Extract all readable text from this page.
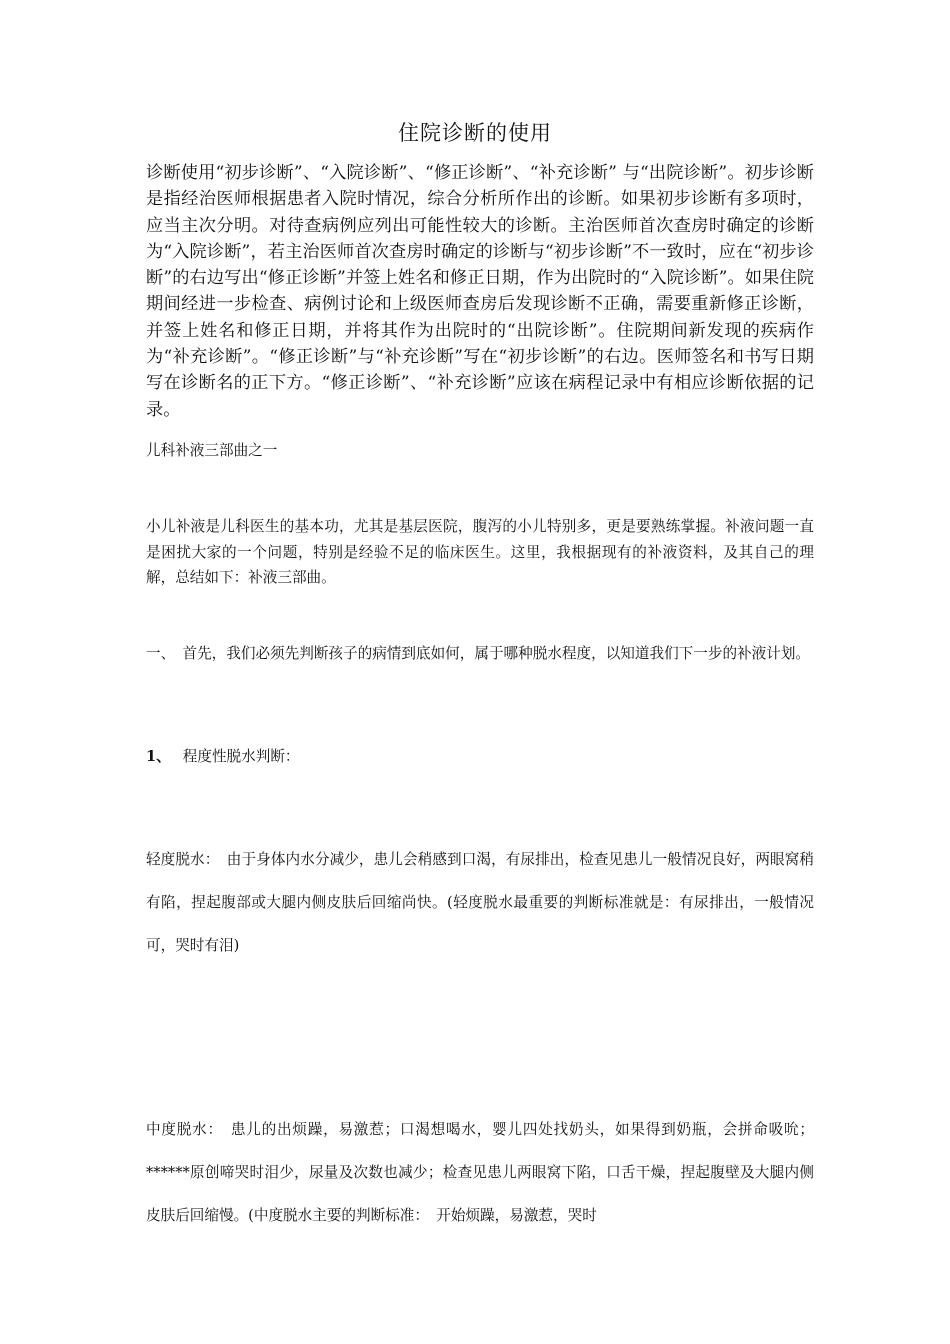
住院诊断的使用
诊断使用“初步诊断”、“入院诊断”、“修正诊断”、“补充诊断” 与“出院诊断”。初步诊断是指经治医师根据患者入院时情况，综合分析所作出的诊断。如果初步诊断有多项时，应当主次分明。对待查病例应列出可能性较大的诊断。主治医师首次查房时确定的诊断为“入院诊断”，若主治医师首次查房时确定的诊断与“初步诊断”不一致时，应在“初步诊断”的右边写出“修正诊断”并签上姓名和修正日期，作为出院时的“入院诊断”。如果住院期间经进一步检查、病例讨论和上级医师查房后发现诊断不正确，需要重新修正诊断，并签上姓名和修正日期，并将其作为出院时的“出院诊断”。住院期间新发现的疾病作为“补充诊断”。“修正诊断”与“补充诊断”写在“初步诊断”的右边。医师签名和书写日期写在诊断名的正下方。“修正诊断”、“补充诊断”应该在病程记录中有相应诊断依据的记录。
儿科补液三部曲之一
小儿补液是儿科医生的基本功，尤其是基层医院，腹泻的小儿特别多，更是要熟练掌握。补液问题一直是困扰大家的一个问题，特别是经验不足的临床医生。这里，我根据现有的补液资料，及其自己的理解，总结如下：补液三部曲。
一、　首先，我们必须先判断孩子的病情到底如何，属于哪种脱水程度，以知道我们下一步的补液计划。
1、 程度性脱水判断：
轻度脱水：　由于身体内水分减少，患儿会稍感到口渴，有尿排出，检查见患儿一般情况良好，两眼窝稍有陷，捏起腹部或大腿内侧皮肤后回缩尚快。(轻度脱水最重要的判断标准就是：有尿排出，一般情况可，哭时有泪)
中度脱水：　患儿的出烦躁，易激惹；口渴想喝水，婴儿四处找奶头，如果得到奶瓶，会拼命吸吮；******原创啼哭时泪少，尿量及次数也减少；检查见患儿两眼窝下陷，口舌干燥，捏起腹壁及大腿内侧皮肤后回缩慢。(中度脱水主要的判断标准：　开始烦躁，易激惹，哭时
